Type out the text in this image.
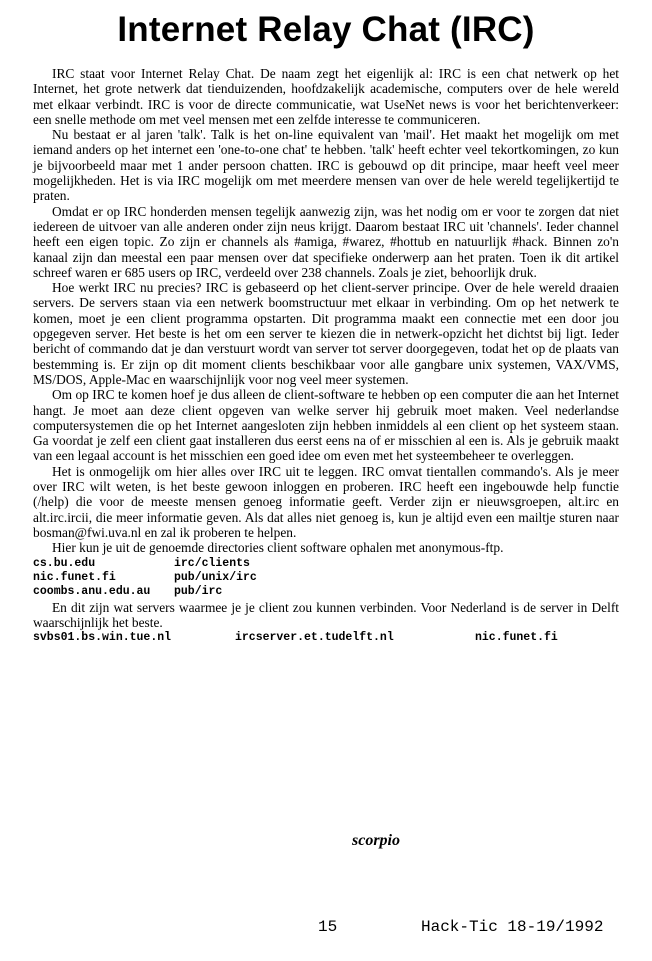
Internet Relay Chat (IRC)

IRC staat voor Internet Relay Chat. De naam zegt het eigenlijk al: IRC is een chat netwerk op het Internet, het grote netwerk dat tienduizenden, hoofdzakelijk academische, computers over de hele wereld met elkaar verbindt. IRC is voor de directe communicatie, wat UseNet news is voor het berichtenverkeer: een snelle methode om met veel mensen met een zelfde interesse te communiceren.

Nu bestaat er al jaren 'talk'. Talk is het on-line equivalent van 'mail'. Het maakt het mogelijk om met iemand anders op het internet een 'one-to-one chat' te hebben. 'talk' heeft echter veel tekortkomingen, zo kun je bijvoorbeeld maar met 1 ander persoon chatten. IRC is gebouwd op dit principe, maar heeft veel meer mogelijkheden. Het is via IRC mogelijk om met meerdere mensen van over de hele wereld tegelijkertijd te praten.

Omdat er op IRC honderden mensen tegelijk aanwezig zijn, was het nodig om er voor te zorgen dat niet iedereen de uitvoer van alle anderen onder zijn neus krijgt. Daarom bestaat IRC uit 'channels'. Ieder channel heeft een eigen topic. Zo zijn er channels als #amiga, #warez, #hottub en natuurlijk #hack. Binnen zo'n kanaal zijn dan meestal een paar mensen over dat specifieke onderwerp aan het praten. Toen ik dit artikel schreef waren er 685 users op IRC, verdeeld over 238 channels. Zoals je ziet, behoorlijk druk.

Hoe werkt IRC nu precies? IRC is gebaseerd op het client-server principe. Over de hele wereld draaien servers. De servers staan via een netwerk boomstructuur met elkaar in verbinding. Om op het netwerk te komen, moet je een client programma opstarten. Dit programma maakt een connectie met een door jou opgegeven server. Het beste is het om een server te kiezen die in netwerk-opzicht het dichtst bij ligt. Ieder bericht of commando dat je dan verstuurt wordt van server tot server doorgegeven, todat het op de plaats van bestemming is. Er zijn op dit moment clients beschikbaar voor alle gangbare unix systemen, VAX/VMS, MS/DOS, Apple-Mac en waarschijnlijk voor nog veel meer systemen.

Om op IRC te komen hoef je dus alleen de client-software te hebben op een computer die aan het Internet hangt. Je moet aan deze client opgeven van welke server hij gebruik moet maken. Veel nederlandse computersystemen die op het Internet aangesloten zijn hebben inmiddels al een client op het systeem staan. Ga voordat je zelf een client gaat installeren dus eerst eens na of er misschien al een is. Als je gebruik maakt van een legaal account is het misschien een goed idee om even met het systeembeheer te overleggen.

Het is onmogelijk om hier alles over IRC uit te leggen. IRC omvat tientallen commando's. Als je meer over IRC wilt weten, is het beste gewoon inloggen en proberen. IRC heeft een ingebouwde help functie (/help) die voor de meeste mensen genoeg informatie geeft. Verder zijn er nieuwsgroepen, alt.irc en alt.irc.ircii, die meer informatie geven. Als dat alles niet genoeg is, kun je altijd even een mailtje sturen naar bosman@fwi.uva.nl en zal ik proberen te helpen.

Hier kun je uit de genoemde directories client software ophalen met anonymous-ftp.

cs.bu.edu	irc/clients
nic.funet.fi	pub/unix/irc
coombs.anu.edu.au	pub/irc

En dit zijn wat servers waarmee je je client zou kunnen verbinden. Voor Nederland is de server in Delft waarschijnlijk het beste.

svbs01.bs.win.tue.nl	ircserver.et.tudelft.nl	nic.funet.fi
scorpio
15	Hack-Tic 18-19/1992
